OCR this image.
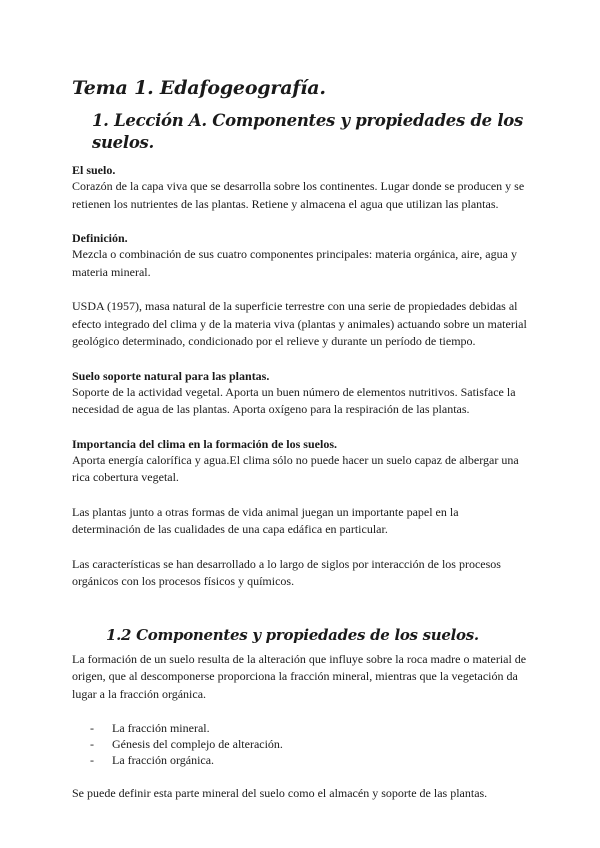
Tema 1. Edafogeografía.
1. Lección A. Componentes y propiedades de los suelos.

El suelo.

Corazón de la capa viva que se desarrolla sobre los continentes. Lugar donde se producen y se retienen los nutrientes de las plantas. Retiene y almacena el agua que utilizan las plantas.

Definición.

Mezcla o combinación de sus cuatro componentes principales: materia orgánica, aire, agua y materia mineral.

USDA (1957), masa natural de la superficie terrestre con una serie de propiedades debidas al efecto integrado del clima y de la materia viva (plantas y animales) actuando sobre un material geológico determinado, condicionado por el relieve y durante un período de tiempo.

Suelo soporte natural para las plantas.

Soporte de la actividad vegetal. Aporta un buen número de elementos nutritivos. Satisface la necesidad de agua de las plantas. Aporta oxígeno para la respiración de las plantas.

Importancia del clima en la formación de los suelos.

Aporta energía calorífica y agua.El clima sólo no puede hacer un suelo capaz de albergar una rica cobertura vegetal.

Las plantas junto a otras formas de vida animal juegan un importante papel en la determinación de las cualidades de una capa edáfica en particular.

Las características se han desarrollado a lo largo de siglos por interacción de los procesos orgánicos con los procesos físicos y químicos.

1.2 Componentes y propiedades de los suelos.

La formación de un suelo resulta de la alteración que influye sobre la roca madre o material de origen, que al descomponerse proporciona la fracción mineral, mientras que la vegetación da lugar a la fracción orgánica.

-	La fracción mineral.
-	Génesis del complejo de alteración.
-	La fracción orgánica.

Se puede definir esta parte mineral del suelo como el almacén y soporte de las plantas.
